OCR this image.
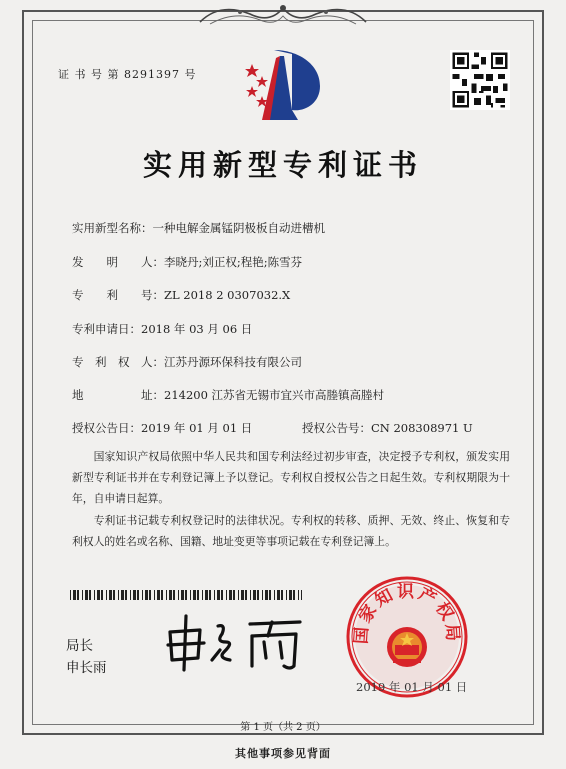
证 书 号 第 8291397 号
实用新型专利证书
实用新型名称：一种电解金属锰阴极板自动进槽机
发　　明　　人：李晓丹;刘正权;程艳;陈雪芬
专　　利　　号：ZL 2018 2 0307032.X
专利申请日：2018 年 03 月 06 日
专　利　权　人：江苏丹源环保科技有限公司
地　　　　　址：214200 江苏省无锡市宜兴市高塍镇高塍村
授权公告日：2019 年 01 月 01 日	授权公告号：CN 208308971 U
国家知识产权局依照中华人民共和国专利法经过初步审查，决定授予专利权，颁发实用新型专利证书并在专利登记簿上予以登记。专利权自授权公告之日起生效。专利权期限为十年，自申请日起算。
专利证书记载专利权登记时的法律状况。专利权的转移、质押、无效、终止、恢复和专利权人的姓名或名称、国籍、地址变更等事项记载在专利登记簿上。
局长
申长雨
国家知识产权局
2019 年 01 月 01 日
第 1 页（共 2 页）
其他事项参见背面
